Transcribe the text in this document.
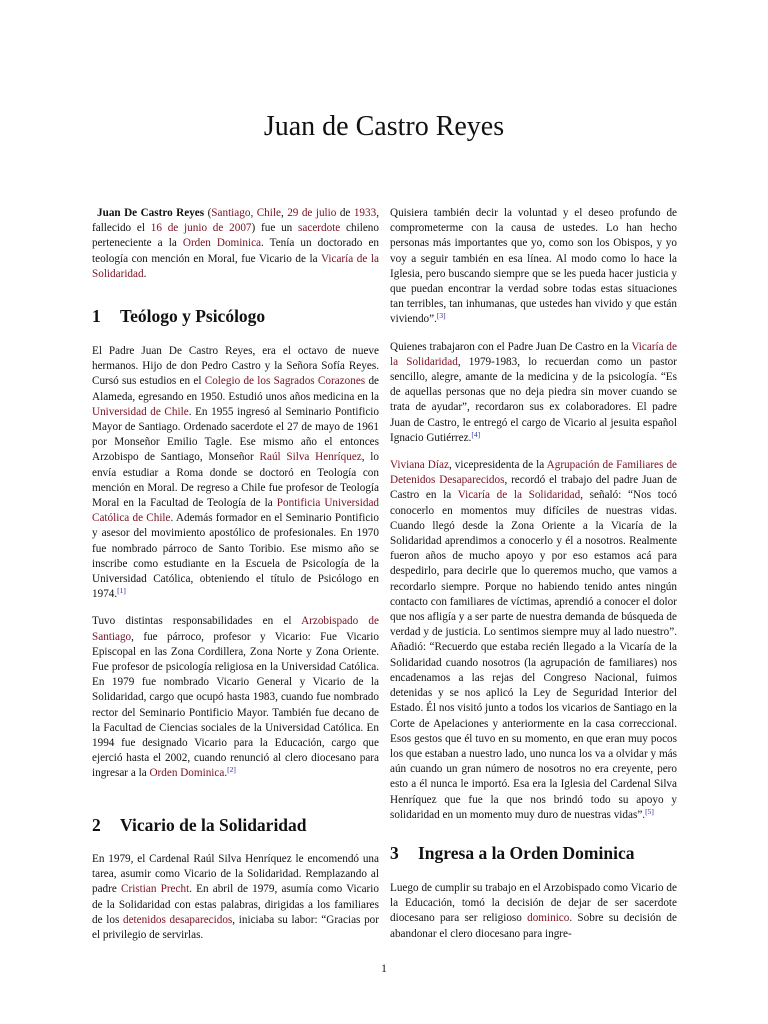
Juan de Castro Reyes

Juan De Castro Reyes (Santiago, Chile, 29 de julio de 1933, fallecido el 16 de junio de 2007) fue un sacerdote chileno perteneciente a la Orden Dominica. Tenía un doctorado en teología con mención en Moral, fue Vicario de la Vicaría de la Solidaridad.

1 Teólogo y Psicólogo

El Padre Juan De Castro Reyes, era el octavo de nueve hermanos. Hijo de don Pedro Castro y la Señora Sofía Reyes. Cursó sus estudios en el Colegio de los Sagrados Corazones de Alameda, egresando en 1950. Estudió unos años medicina en la Universidad de Chile. En 1955 ingresó al Seminario Pontificio Mayor de Santiago. Ordenado sacerdote el 27 de mayo de 1961 por Monseñor Emilio Tagle. Ese mismo año el entonces Arzobispo de Santiago, Monseñor Raúl Silva Henríquez, lo envía estudiar a Roma donde se doctoró en Teología con mención en Moral. De regreso a Chile fue profesor de Teología Moral en la Facultad de Teología de la Pontificia Universidad Católica de Chile. Además formador en el Seminario Pontificio y asesor del movimiento apostólico de profesionales. En 1970 fue nombrado párroco de Santo Toribio. Ese mismo año se inscribe como estudiante en la Escuela de Psicología de la Universidad Católica, obteniendo el título de Psicólogo en 1974.[1]

Tuvo distintas responsabilidades en el Arzobispado de Santiago, fue párroco, profesor y Vicario: Fue Vicario Episcopal en las Zona Cordillera, Zona Norte y Zona Oriente. Fue profesor de psicología religiosa en la Universidad Católica. En 1979 fue nombrado Vicario General y Vicario de la Solidaridad, cargo que ocupó hasta 1983, cuando fue nombrado rector del Seminario Pontificio Mayor. También fue decano de la Facultad de Ciencias sociales de la Universidad Católica. En 1994 fue designado Vicario para la Educación, cargo que ejerció hasta el 2002, cuando renunció al clero diocesano para ingresar a la Orden Dominica.[2]

2 Vicario de la Solidaridad

En 1979, el Cardenal Raúl Silva Henríquez le encomendó una tarea, asumir como Vicario de la Solidaridad. Remplazando al padre Cristian Precht. En abril de 1979, asumía como Vicario de la Solidaridad con estas palabras, dirigidas a los familiares de los detenidos desaparecidos, iniciaba su labor: “Gracias por el privilegio de servirlas.

Quisiera también decir la voluntad y el deseo profundo de comprometerme con la causa de ustedes. Lo han hecho personas más importantes que yo, como son los Obispos, y yo voy a seguir también en esa línea. Al modo como lo hace la Iglesia, pero buscando siempre que se les pueda hacer justicia y que puedan encontrar la verdad sobre todas estas situaciones tan terribles, tan inhumanas, que ustedes han vivido y que están viviendo”.[3]

Quienes trabajaron con el Padre Juan De Castro en la Vicaría de la Solidaridad, 1979-1983, lo recuerdan como un pastor sencillo, alegre, amante de la medicina y de la psicología. “Es de aquellas personas que no deja piedra sin mover cuando se trata de ayudar”, recordaron sus ex colaboradores. El padre Juan de Castro, le entregó el cargo de Vicario al jesuita español Ignacio Gutiérrez.[4]

Viviana Díaz, vicepresidenta de la Agrupación de Familiares de Detenidos Desaparecidos, recordó el trabajo del padre Juan de Castro en la Vicaría de la Solidaridad, señaló: “Nos tocó conocerlo en momentos muy difíciles de nuestras vidas. Cuando llegó desde la Zona Oriente a la Vicaría de la Solidaridad aprendimos a conocerlo y él a nosotros. Realmente fueron años de mucho apoyo y por eso estamos acá para despedirlo, para decirle que lo queremos mucho, que vamos a recordarlo siempre. Porque no habiendo tenido antes ningún contacto con familiares de víctimas, aprendió a conocer el dolor que nos afligía y a ser parte de nuestra demanda de búsqueda de verdad y de justicia. Lo sentimos siempre muy al lado nuestro”. Añadió: “Recuerdo que estaba recién llegado a la Vicaría de la Solidaridad cuando nosotros (la agrupación de familiares) nos encadenamos a las rejas del Congreso Nacional, fuimos detenidas y se nos aplicó la Ley de Seguridad Interior del Estado. Él nos visitó junto a todos los vicarios de Santiago en la Corte de Apelaciones y anteriormente en la casa correccional. Esos gestos que él tuvo en su momento, en que eran muy pocos los que estaban a nuestro lado, uno nunca los va a olvidar y más aún cuando un gran número de nosotros no era creyente, pero esto a él nunca le importó. Esa era la Iglesia del Cardenal Silva Henríquez que fue la que nos brindó todo su apoyo y solidaridad en un momento muy duro de nuestras vidas”.[5]

3 Ingresa a la Orden Dominica

Luego de cumplir su trabajo en el Arzobispado como Vicario de la Educación, tomó la decisión de dejar de ser sacerdote diocesano para ser religioso dominico. Sobre su decisión de abandonar el clero diocesano para ingre-

1
